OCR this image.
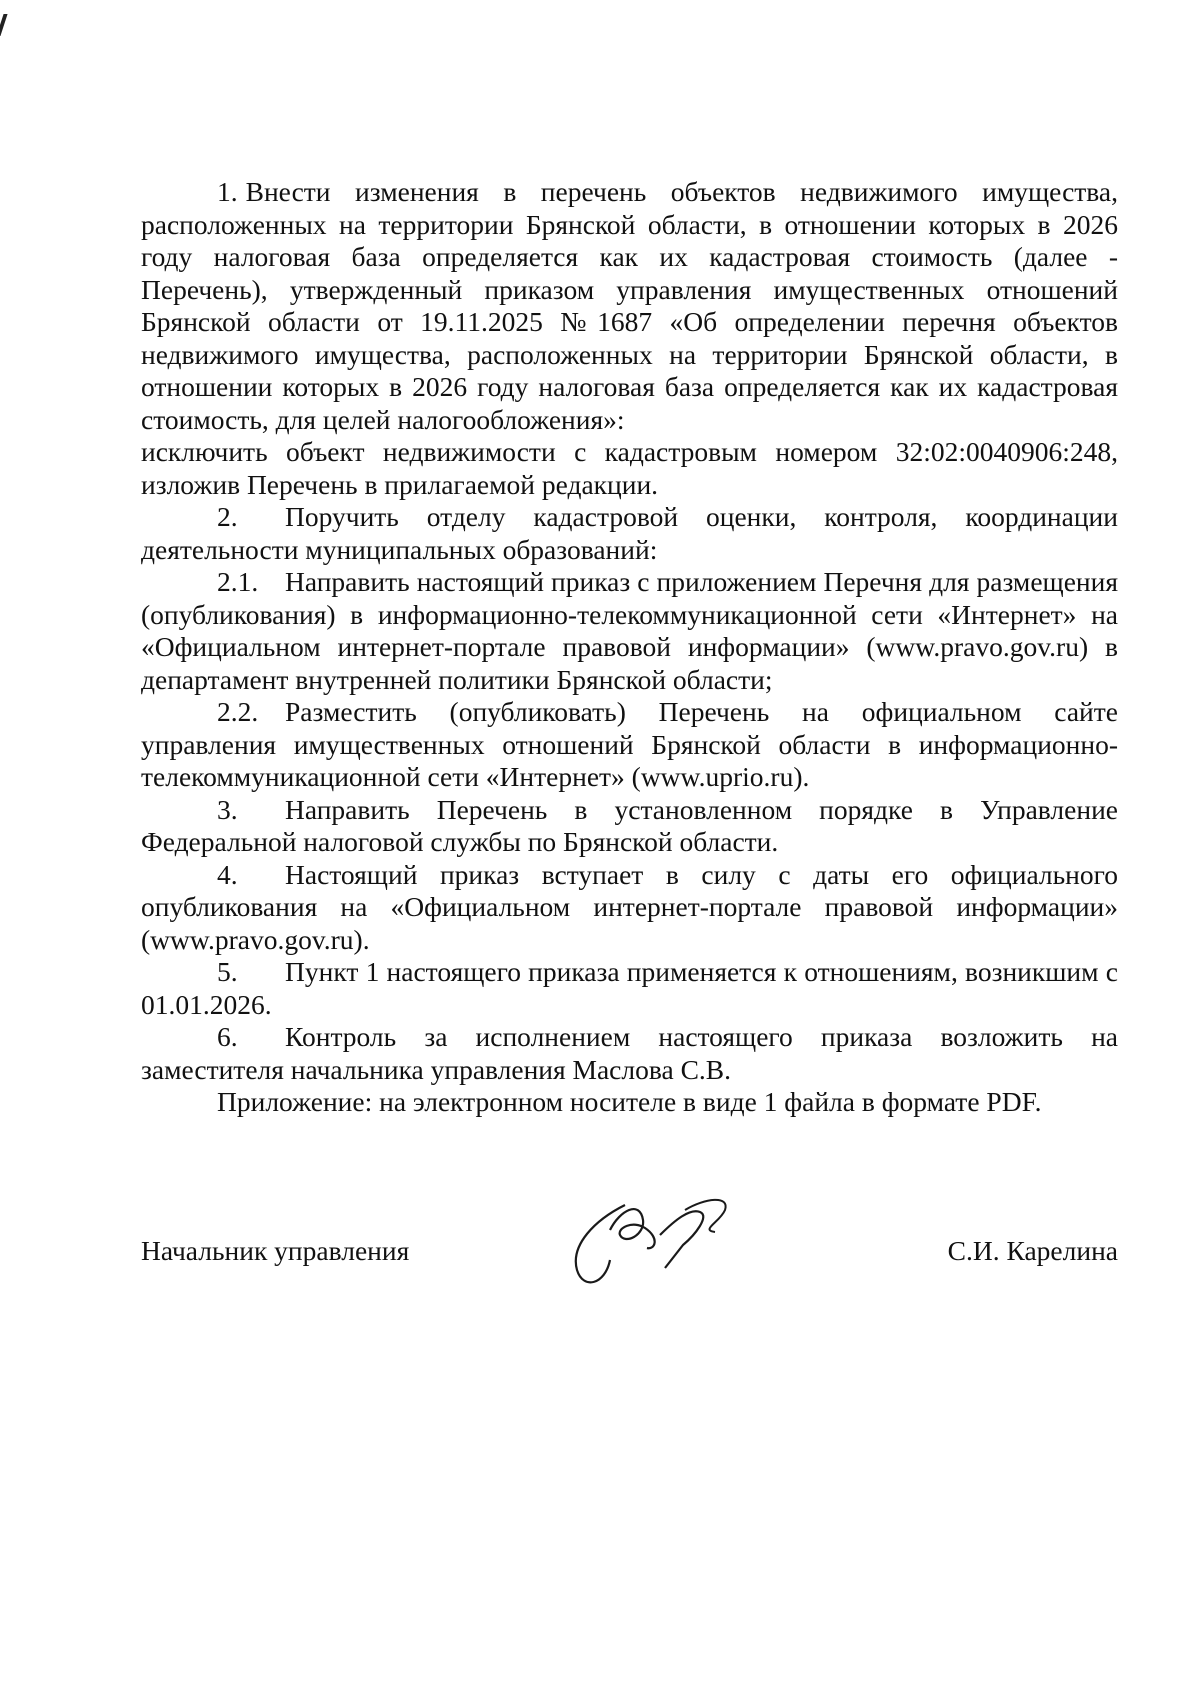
1. Внести изменения в перечень объектов недвижимого имущества, расположенных на территории Брянской области, в отношении которых в 2026 году налоговая база определяется как их кадастровая стоимость (далее - Перечень), утвержденный приказом управления имущественных отношений Брянской области от 19.11.2025 №1687 «Об определении перечня объектов недвижимого имущества, расположенных на территории Брянской области, в отношении которых в 2026 году налоговая база определяется как их кадастровая стоимость, для целей налогообложения»:

исключить объект недвижимости с кадастровым номером 32:02:0040906:248, изложив Перечень в прилагаемой редакции.

2. Поручить отделу кадастровой оценки, контроля, координации деятельности муниципальных образований:

2.1. Направить настоящий приказ с приложением Перечня для размещения (опубликования) в информационно-телекоммуникационной сети «Интернет» на «Официальном интернет-портале правовой информации» (www.pravo.gov.ru) в департамент внутренней политики Брянской области;

2.2. Разместить (опубликовать) Перечень на официальном сайте управления имущественных отношений Брянской области в информационно-телекоммуникационной сети «Интернет» (www.uprio.ru).

3. Направить Перечень в установленном порядке в Управление Федеральной налоговой службы по Брянской области.

4. Настоящий приказ вступает в силу с даты его официального опубликования на «Официальном интернет-портале правовой информации» (www.pravo.gov.ru).

5. Пункт 1 настоящего приказа применяется к отношениям, возникшим с 01.01.2026.

6. Контроль за исполнением настоящего приказа возложить на заместителя начальника управления Маслова С.В.

Приложение: на электронном носителе в виде 1 файла в формате PDF.

Начальник управления	С.И. Карелина
